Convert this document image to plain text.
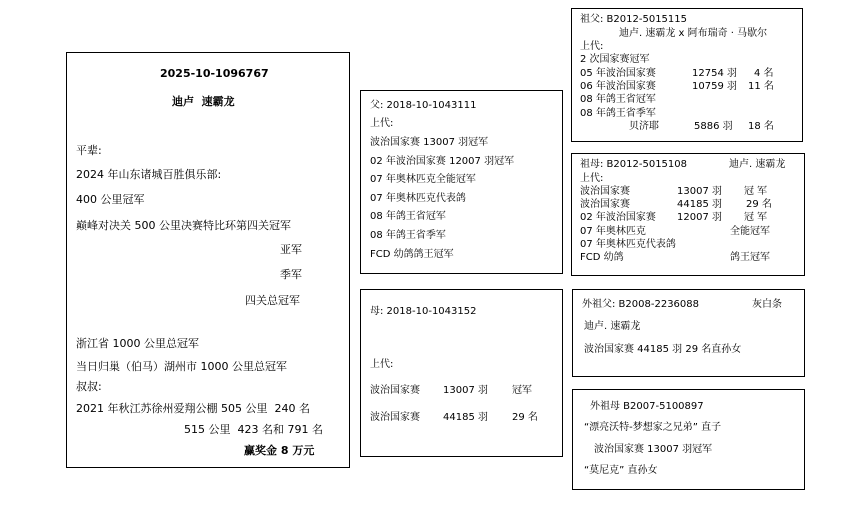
2025-10-1096767
迪卢  速霸龙
平辈:
2024 年山东诸城百胜俱乐部:
400 公里冠军
巅峰对决关 500 公里决赛特比环第四关冠军
亚军
季军
四关总冠军
浙江省 1000 公里总冠军
当日归巢（伯马）湖州市 1000 公里总冠军
叔叔:
2021 年秋江苏徐州爱翔公棚 505 公里  240 名
515 公里  423 名和 791 名
赢奖金 8 万元
父: 2018-10-1043111
上代:
波治国家赛 13007 羽冠军
02 年波治国家赛 12007 羽冠军
07 年奥林匹克全能冠军
07 年奥林匹克代表鸽
08 年鸽王省冠军
08 年鸽王省季军
FCD 幼鸽鸽王冠军
母: 2018-10-1043152
上代:
波治国家赛 13007 羽 冠军
波治国家赛 44185 羽 29 名
祖父: B2012-5015115
迪卢. 速霸龙 x 阿布瑞奇 · 马歇尔
上代:
2 次国家赛冠军
05 年波治国家赛	12754 羽 4 名
06 年波治国家赛	10759 羽 11 名
08 年鸽王省冠军
08 年鸽王省季军
贝济耶	5886 羽 18 名
祖母: B2012-5015108	迪卢. 速霸龙
上代:
波治国家赛	13007 羽 冠 军
波治国家赛	44185 羽 29 名
02 年波治国家赛 12007 羽 冠 军
07 年奥林匹克	全能冠军
07 年奥林匹克代表鸽
FCD 幼鸽	鸽王冠军
外祖父: B2008-2236088	灰白条
迪卢. 速霸龙
波治国家赛 44185 羽 29 名直孙女
外祖母 B2007-5100897
“漂亮沃特-梦想家之兄弟” 直子
波治国家赛 13007 羽冠军
“莫尼克” 直孙女
